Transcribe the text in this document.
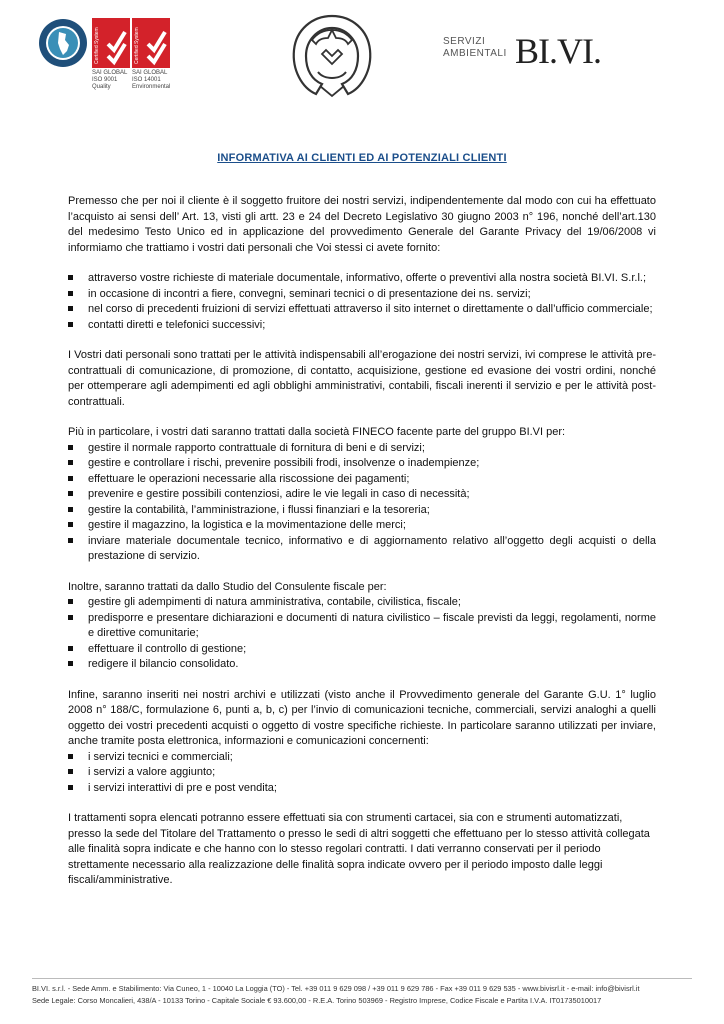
Certified System
SAI GLOBAL
ISO 9001
Quality
Certified System
SAI GLOBAL
ISO 14001
Environmental
SERVIZI
AMBIENTALI BI.VI.
INFORMATIVA AI CLIENTI ED AI POTENZIALI CLIENTI

Premesso che per noi il cliente è il soggetto fruitore dei nostri servizi, indipendentemente dal modo con cui ha effettuato l’acquisto ai sensi dell’ Art. 13, visti gli artt. 23 e 24 del Decreto Legislativo 30 giugno 2003 n° 196, nonché dell’art.130 del medesimo Testo Unico ed in applicazione del provvedimento Generale del Garante Privacy del 19/06/2008 vi informiamo che trattiamo i vostri dati personali che Voi stessi ci avete fornito:

attraverso vostre richieste di materiale documentale, informativo, offerte o preventivi alla nostra società BI.VI. S.r.l.;
in occasione di incontri a fiere, convegni, seminari tecnici o di presentazione dei ns. servizi;
nel corso di precedenti fruizioni di servizi effettuati attraverso il sito internet o direttamente o dall’ufficio commerciale;
contatti diretti e telefonici successivi;

I Vostri dati personali sono trattati per le attività indispensabili all’erogazione dei nostri servizi, ivi comprese le attività pre-contrattuali di comunicazione, di promozione, di contatto, acquisizione, gestione ed evasione dei vostri ordini, nonché per ottemperare agli adempimenti ed agli obblighi amministrativi, contabili, fiscali inerenti il servizio e per le attività post-contrattuali.

Più in particolare, i vostri dati saranno trattati dalla società FINECO facente parte del gruppo BI.VI per:

gestire il normale rapporto contrattuale di fornitura di beni e di servizi;
gestire e controllare i rischi, prevenire possibili frodi, insolvenze o inadempienze;
effettuare le operazioni necessarie alla riscossione dei pagamenti;
prevenire e gestire possibili contenziosi, adire le vie legali in caso di necessità;
gestire la contabilità, l’amministrazione, i flussi finanziari e la tesoreria;
gestire il magazzino, la logistica e la movimentazione delle merci;
inviare materiale documentale tecnico, informativo e di aggiornamento relativo all’oggetto degli acquisti o della prestazione di servizio.

Inoltre, saranno trattati da dallo Studio del Consulente fiscale per:

gestire gli adempimenti di natura amministrativa, contabile, civilistica, fiscale;
predisporre e presentare dichiarazioni e documenti di natura civilistico – fiscale previsti da leggi, regolamenti, norme e direttive comunitarie;
effettuare il controllo di gestione;
redigere il bilancio consolidato.

Infine, saranno inseriti nei nostri archivi e utilizzati (visto anche il Provvedimento generale del Garante G.U. 1° luglio 2008 n° 188/C, formulazione 6, punti a, b, c) per l’invio di comunicazioni tecniche, commerciali, servizi analoghi a quelli oggetto dei vostri precedenti acquisti o oggetto di vostre specifiche richieste. In particolare saranno utilizzati per inviare, anche tramite posta elettronica, informazioni e comunicazioni concernenti:

i servizi tecnici e commerciali;
i servizi a valore aggiunto;
i servizi interattivi di pre e post vendita;

I trattamenti sopra elencati potranno essere effettuati sia con strumenti cartacei, sia con e strumenti automatizzati, presso la sede del Titolare del Trattamento o presso le sedi di altri soggetti che effettuano per lo stesso attività collegata alle finalità sopra indicate e che hanno con lo stesso regolari contratti. I dati verranno conservati per il periodo strettamente necessario alla realizzazione delle finalità sopra indicate ovvero per il periodo imposto dalle leggi fiscali/amministrative.

BI.VI. s.r.l. - Sede Amm. e Stabilimento: Via Cuneo, 1 - 10040 La Loggia (TO) - Tel. +39 011 9 629 098 / +39 011 9 629 786 - Fax +39 011 9 629 535 - www.bivisrl.it - e-mail: info@bivisrl.it

Sede Legale: Corso Moncalieri, 438/A - 10133 Torino - Capitale Sociale € 93.600,00 - R.E.A. Torino 503969 - Registro Imprese, Codice Fiscale e Partita I.V.A. IT01735010017
